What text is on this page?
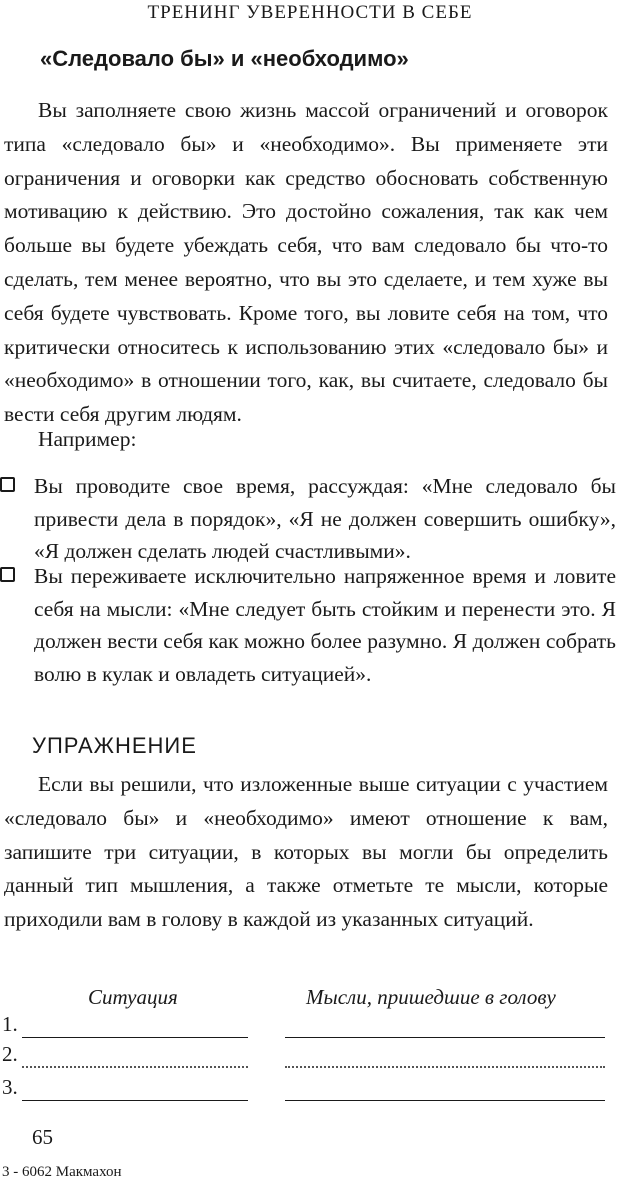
ТРЕНИНГ УВЕРЕННОСТИ В СЕБЕ
«Следовало бы» и «необходимо»

Вы заполняете свою жизнь массой ограничений и оговорок типа «следовало бы» и «необходимо». Вы применяете эти ограничения и оговорки как средство обосновать собственную мотивацию к действию. Это достойно сожаления, так как чем больше вы будете убеждать себя, что вам следовало бы что-то сделать, тем менее вероятно, что вы это сделаете, и тем хуже вы себя будете чувствовать. Кроме того, вы ловите себя на том, что критически относитесь к использованию этих «следовало бы» и «необходимо» в отношении того, как, вы считаете, следовало бы вести себя другим людям.

Например:

Вы проводите свое время, рассуждая: «Мне следовало бы привести дела в порядок», «Я не должен совершить ошибку», «Я должен сделать людей счастливыми».

Вы переживаете исключительно напряженное время и ловите себя на мысли: «Мне следует быть стойким и перенести это. Я должен вести себя как можно более разумно. Я должен собрать волю в кулак и овладеть ситуацией».

УПРАЖНЕНИЕ

Если вы решили, что изложенные выше ситуации с участием «следовало бы» и «необходимо» имеют отношение к вам, запишите три ситуации, в которых вы могли бы определить данный тип мышления, а также отметьте те мысли, которые приходили вам в голову в каждой из указанных ситуаций.

Ситуация	Мысли, пришедшие в голову
1.
2.
3.
65
3 - 6062 Макмахон
